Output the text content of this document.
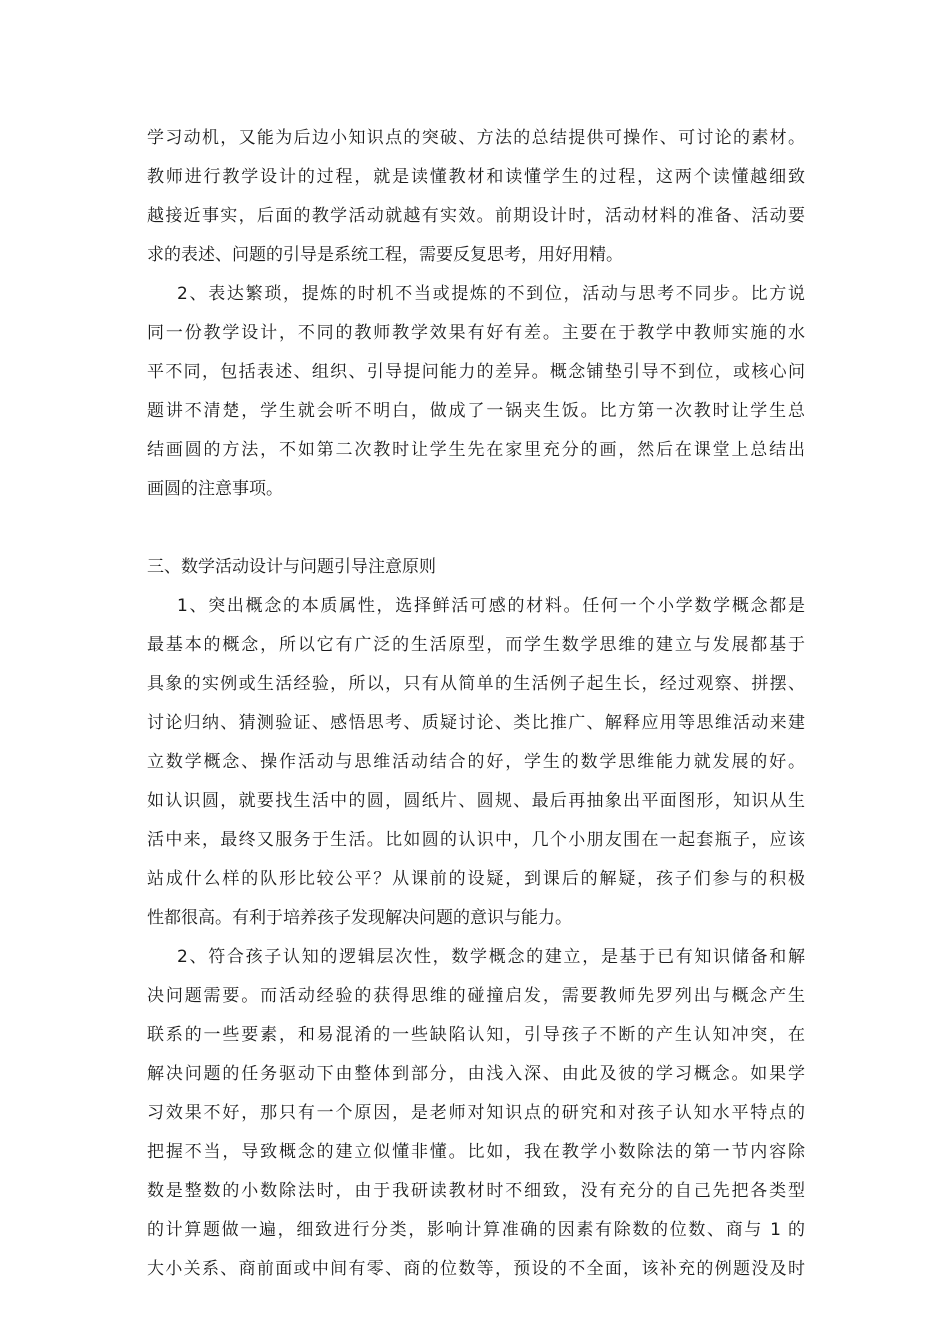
学习动机，又能为后边小知识点的突破、方法的总结提供可操作、可讨论的素材。
教师进行教学设计的过程，就是读懂教材和读懂学生的过程，这两个读懂越细致
越接近事实，后面的教学活动就越有实效。前期设计时，活动材料的准备、活动要
求的表述、问题的引导是系统工程，需要反复思考，用好用精。
2、表达繁琐，提炼的时机不当或提炼的不到位，活动与思考不同步。比方说
同一份教学设计，不同的教师教学效果有好有差。主要在于教学中教师实施的水
平不同，包括表述、组织、引导提问能力的差异。概念铺垫引导不到位，或核心问
题讲不清楚，学生就会听不明白，做成了一锅夹生饭。比方第一次教时让学生总
结画圆的方法，不如第二次教时让学生先在家里充分的画，然后在课堂上总结出
画圆的注意事项。
三、数学活动设计与问题引导注意原则
1、突出概念的本质属性，选择鲜活可感的材料。任何一个小学数学概念都是
最基本的概念，所以它有广泛的生活原型，而学生数学思维的建立与发展都基于
具象的实例或生活经验，所以，只有从简单的生活例子起生长，经过观察、拼摆、
讨论归纳、猜测验证、感悟思考、质疑讨论、类比推广、解释应用等思维活动来建
立数学概念、操作活动与思维活动结合的好，学生的数学思维能力就发展的好。
如认识圆，就要找生活中的圆，圆纸片、圆规、最后再抽象出平面图形，知识从生
活中来，最终又服务于生活。比如圆的认识中，几个小朋友围在一起套瓶子，应该
站成什么样的队形比较公平？从课前的设疑，到课后的解疑，孩子们参与的积极
性都很高。有利于培养孩子发现解决问题的意识与能力。
2、符合孩子认知的逻辑层次性，数学概念的建立，是基于已有知识储备和解
决问题需要。而活动经验的获得思维的碰撞启发，需要教师先罗列出与概念产生
联系的一些要素，和易混淆的一些缺陷认知，引导孩子不断的产生认知冲突，在
解决问题的任务驱动下由整体到部分，由浅入深、由此及彼的学习概念。如果学
习效果不好，那只有一个原因，是老师对知识点的研究和对孩子认知水平特点的
把握不当，导致概念的建立似懂非懂。比如，我在教学小数除法的第一节内容除
数是整数的小数除法时，由于我研读教材时不细致，没有充分的自己先把各类型
的计算题做一遍，细致进行分类，影响计算准确的因素有除数的位数、商与 1 的
大小关系、商前面或中间有零、商的位数等，预设的不全面，该补充的例题没及时
